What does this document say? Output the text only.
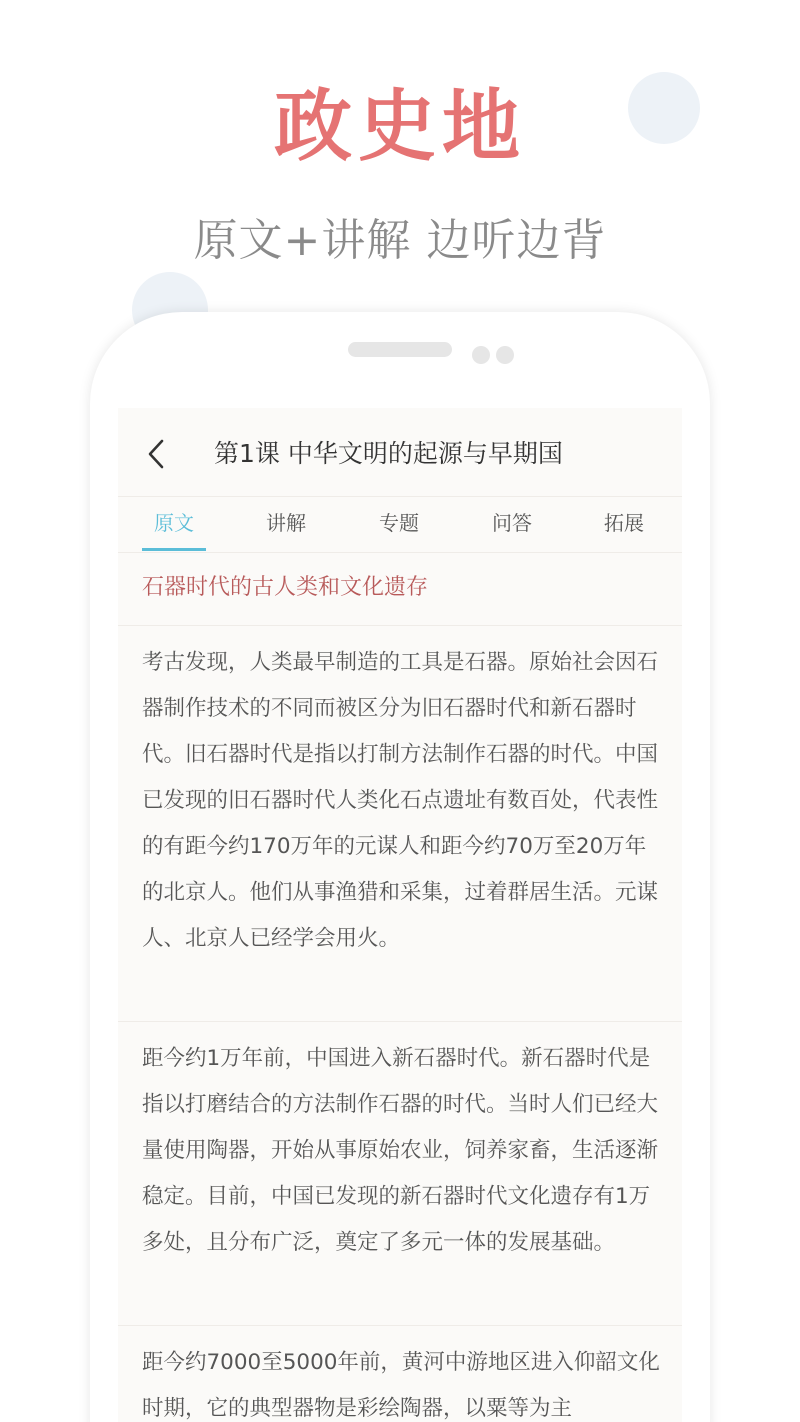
政史地
原文+讲解 边听边背
第1课 中华文明的起源与早期国
原文	讲解	专题	问答	拓展
石器时代的古人类和文化遗存
考古发现，人类最早制造的工具是石器。原始社会因石器制作技术的不同而被区分为旧石器时代和新石器时代。旧石器时代是指以打制方法制作石器的时代。中国已发现的旧石器时代人类化石点遗址有数百处，代表性的有距今约170万年的元谋人和距今约70万至20万年的北京人。他们从事渔猎和采集，过着群居生活。元谋人、北京人已经学会用火。
距今约1万年前，中国进入新石器时代。新石器时代是指以打磨结合的方法制作石器的时代。当时人们已经大量使用陶器，开始从事原始农业，饲养家畜，生活逐渐稳定。目前，中国已发现的新石器时代文化遗存有1万多处，且分布广泛，奠定了多元一体的发展基础。
距今约7000至5000年前，黄河中游地区进入仰韶文化时期，它的典型器物是彩绘陶器，以粟等为主
